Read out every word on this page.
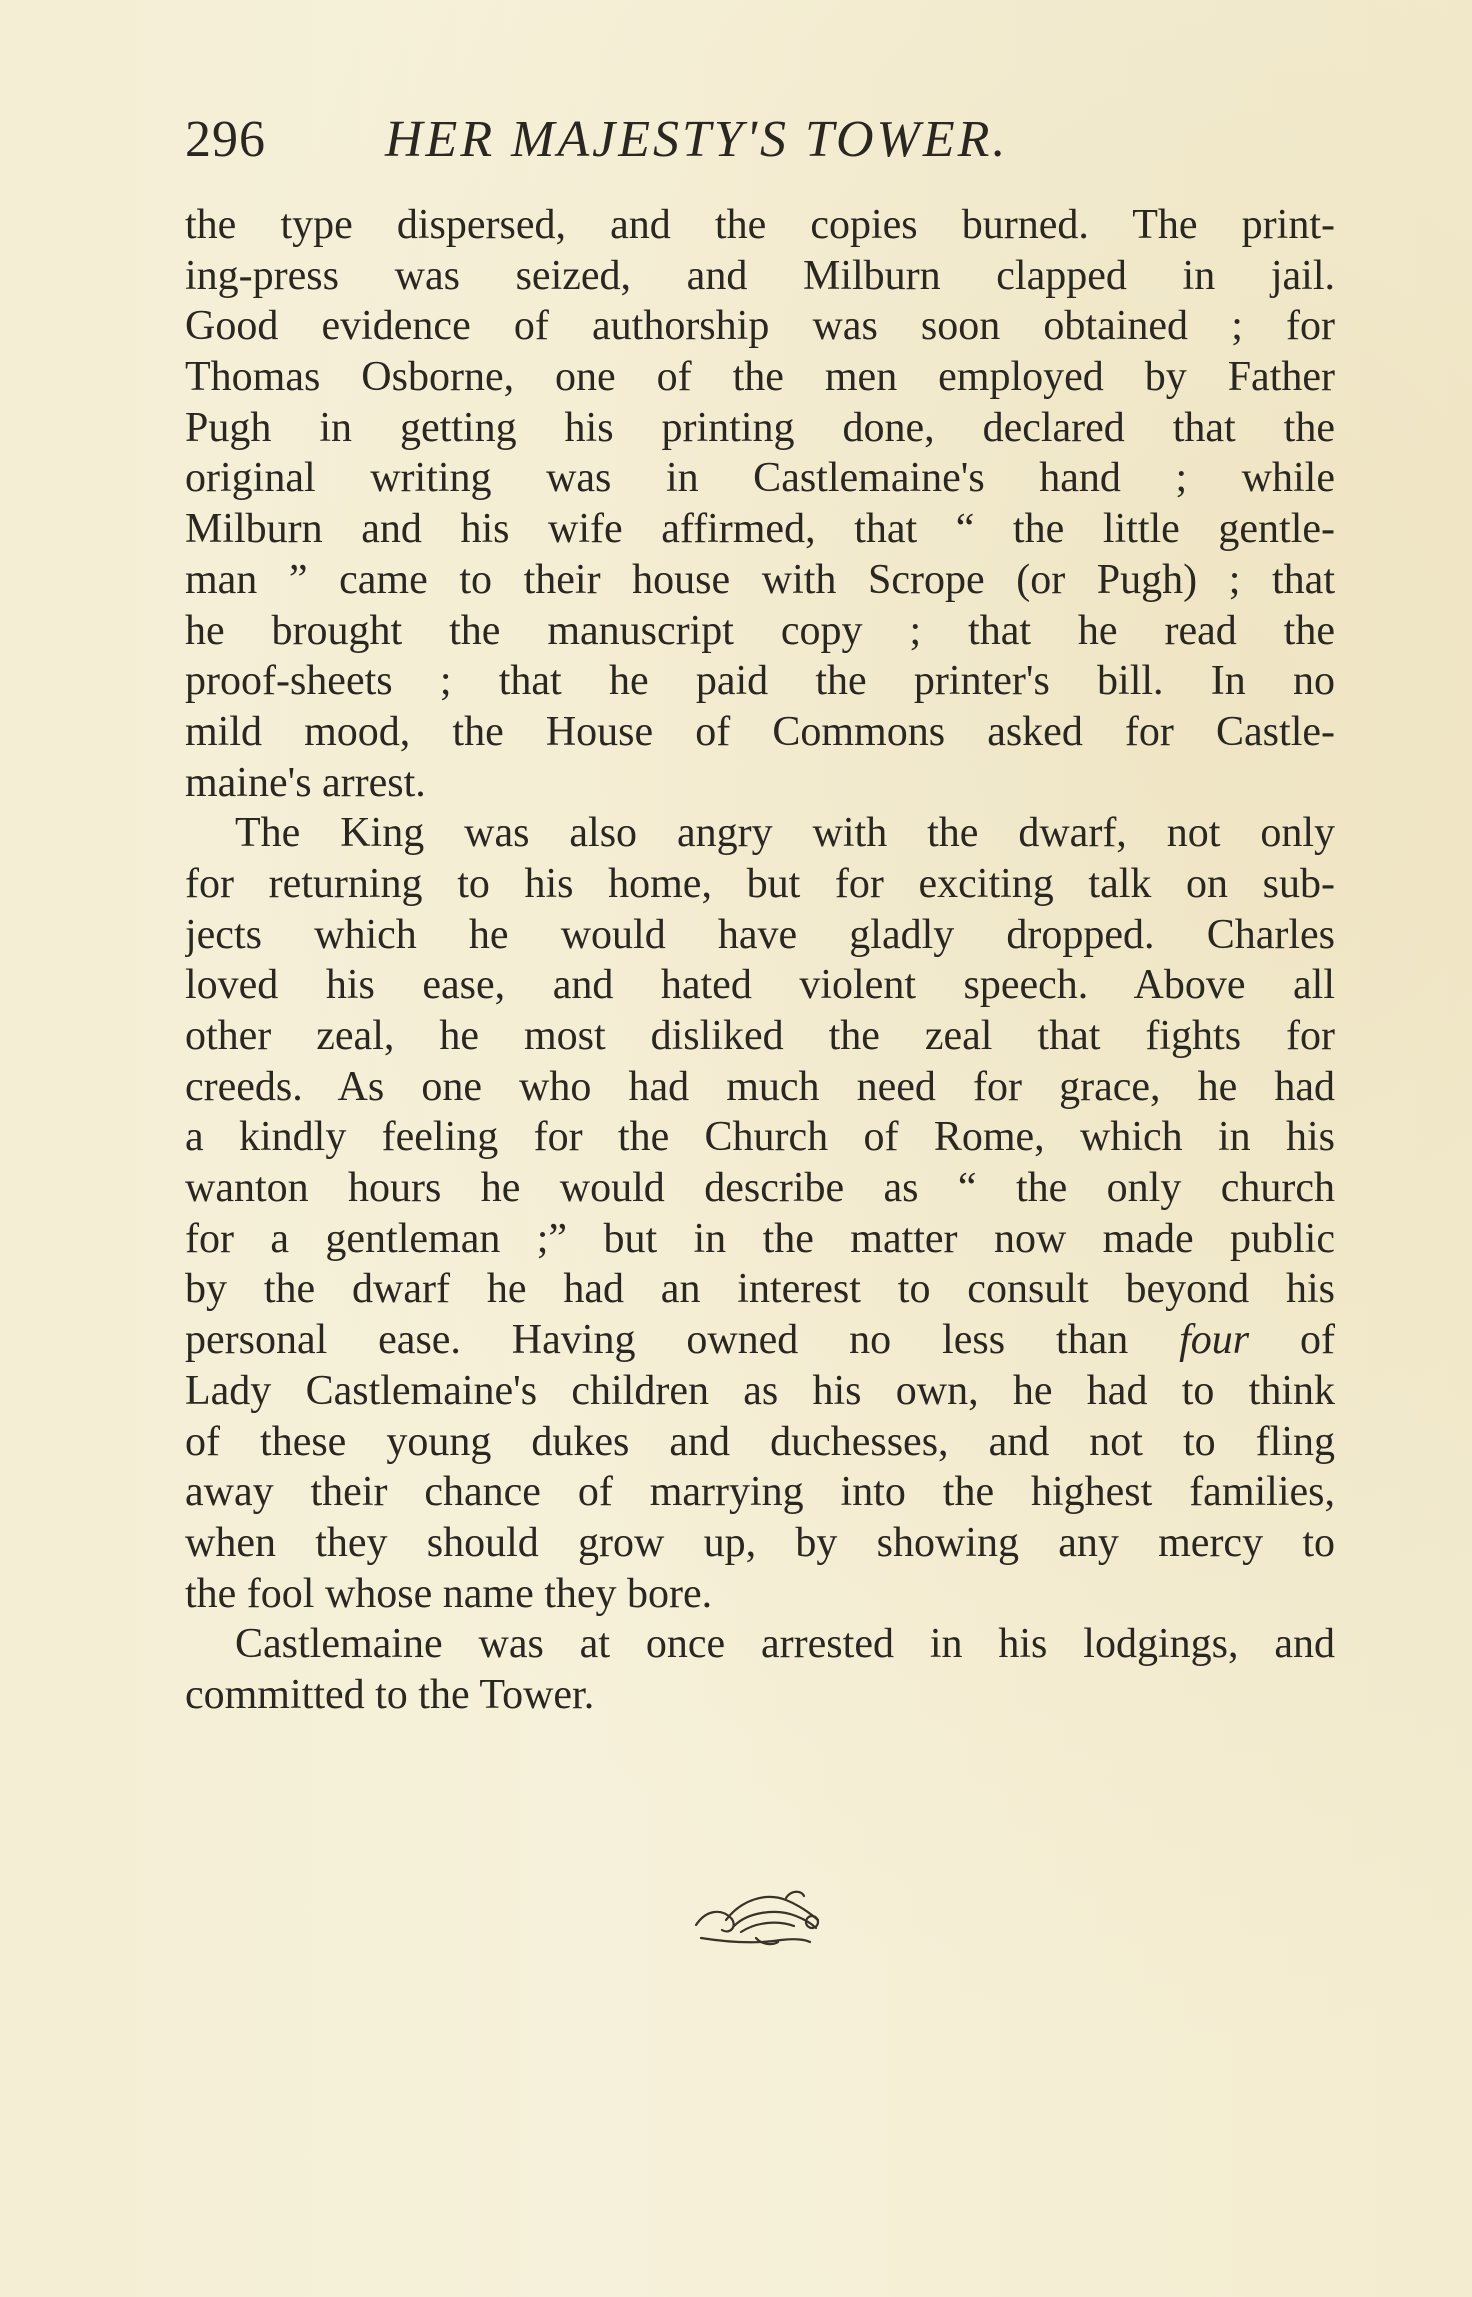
296 HER MAJESTY'S TOWER.
the type dispersed, and the copies burned. The print-
ing-press was seized, and Milburn clapped in jail.
Good evidence of authorship was soon obtained ; for
Thomas Osborne, one of the men employed by Father
Pugh in getting his printing done, declared that the
original writing was in Castlemaine's hand ; while
Milburn and his wife affirmed, that “ the little gentle-
man ” came to their house with Scrope (or Pugh) ; that
he brought the manuscript copy ; that he read the
proof-sheets ; that he paid the printer's bill. In no
mild mood, the House of Commons asked for Castle-
maine's arrest.
The King was also angry with the dwarf, not only
for returning to his home, but for exciting talk on sub-
jects which he would have gladly dropped. Charles
loved his ease, and hated violent speech. Above all
other zeal, he most disliked the zeal that fights for
creeds. As one who had much need for grace, he had
a kindly feeling for the Church of Rome, which in his
wanton hours he would describe as “ the only church
for a gentleman ;” but in the matter now made public
by the dwarf he had an interest to consult beyond his
personal ease. Having owned no less than four of
Lady Castlemaine's children as his own, he had to think
of these young dukes and duchesses, and not to fling
away their chance of marrying into the highest families,
when they should grow up, by showing any mercy to
the fool whose name they bore.
Castlemaine was at once arrested in his lodgings, and
committed to the Tower.
